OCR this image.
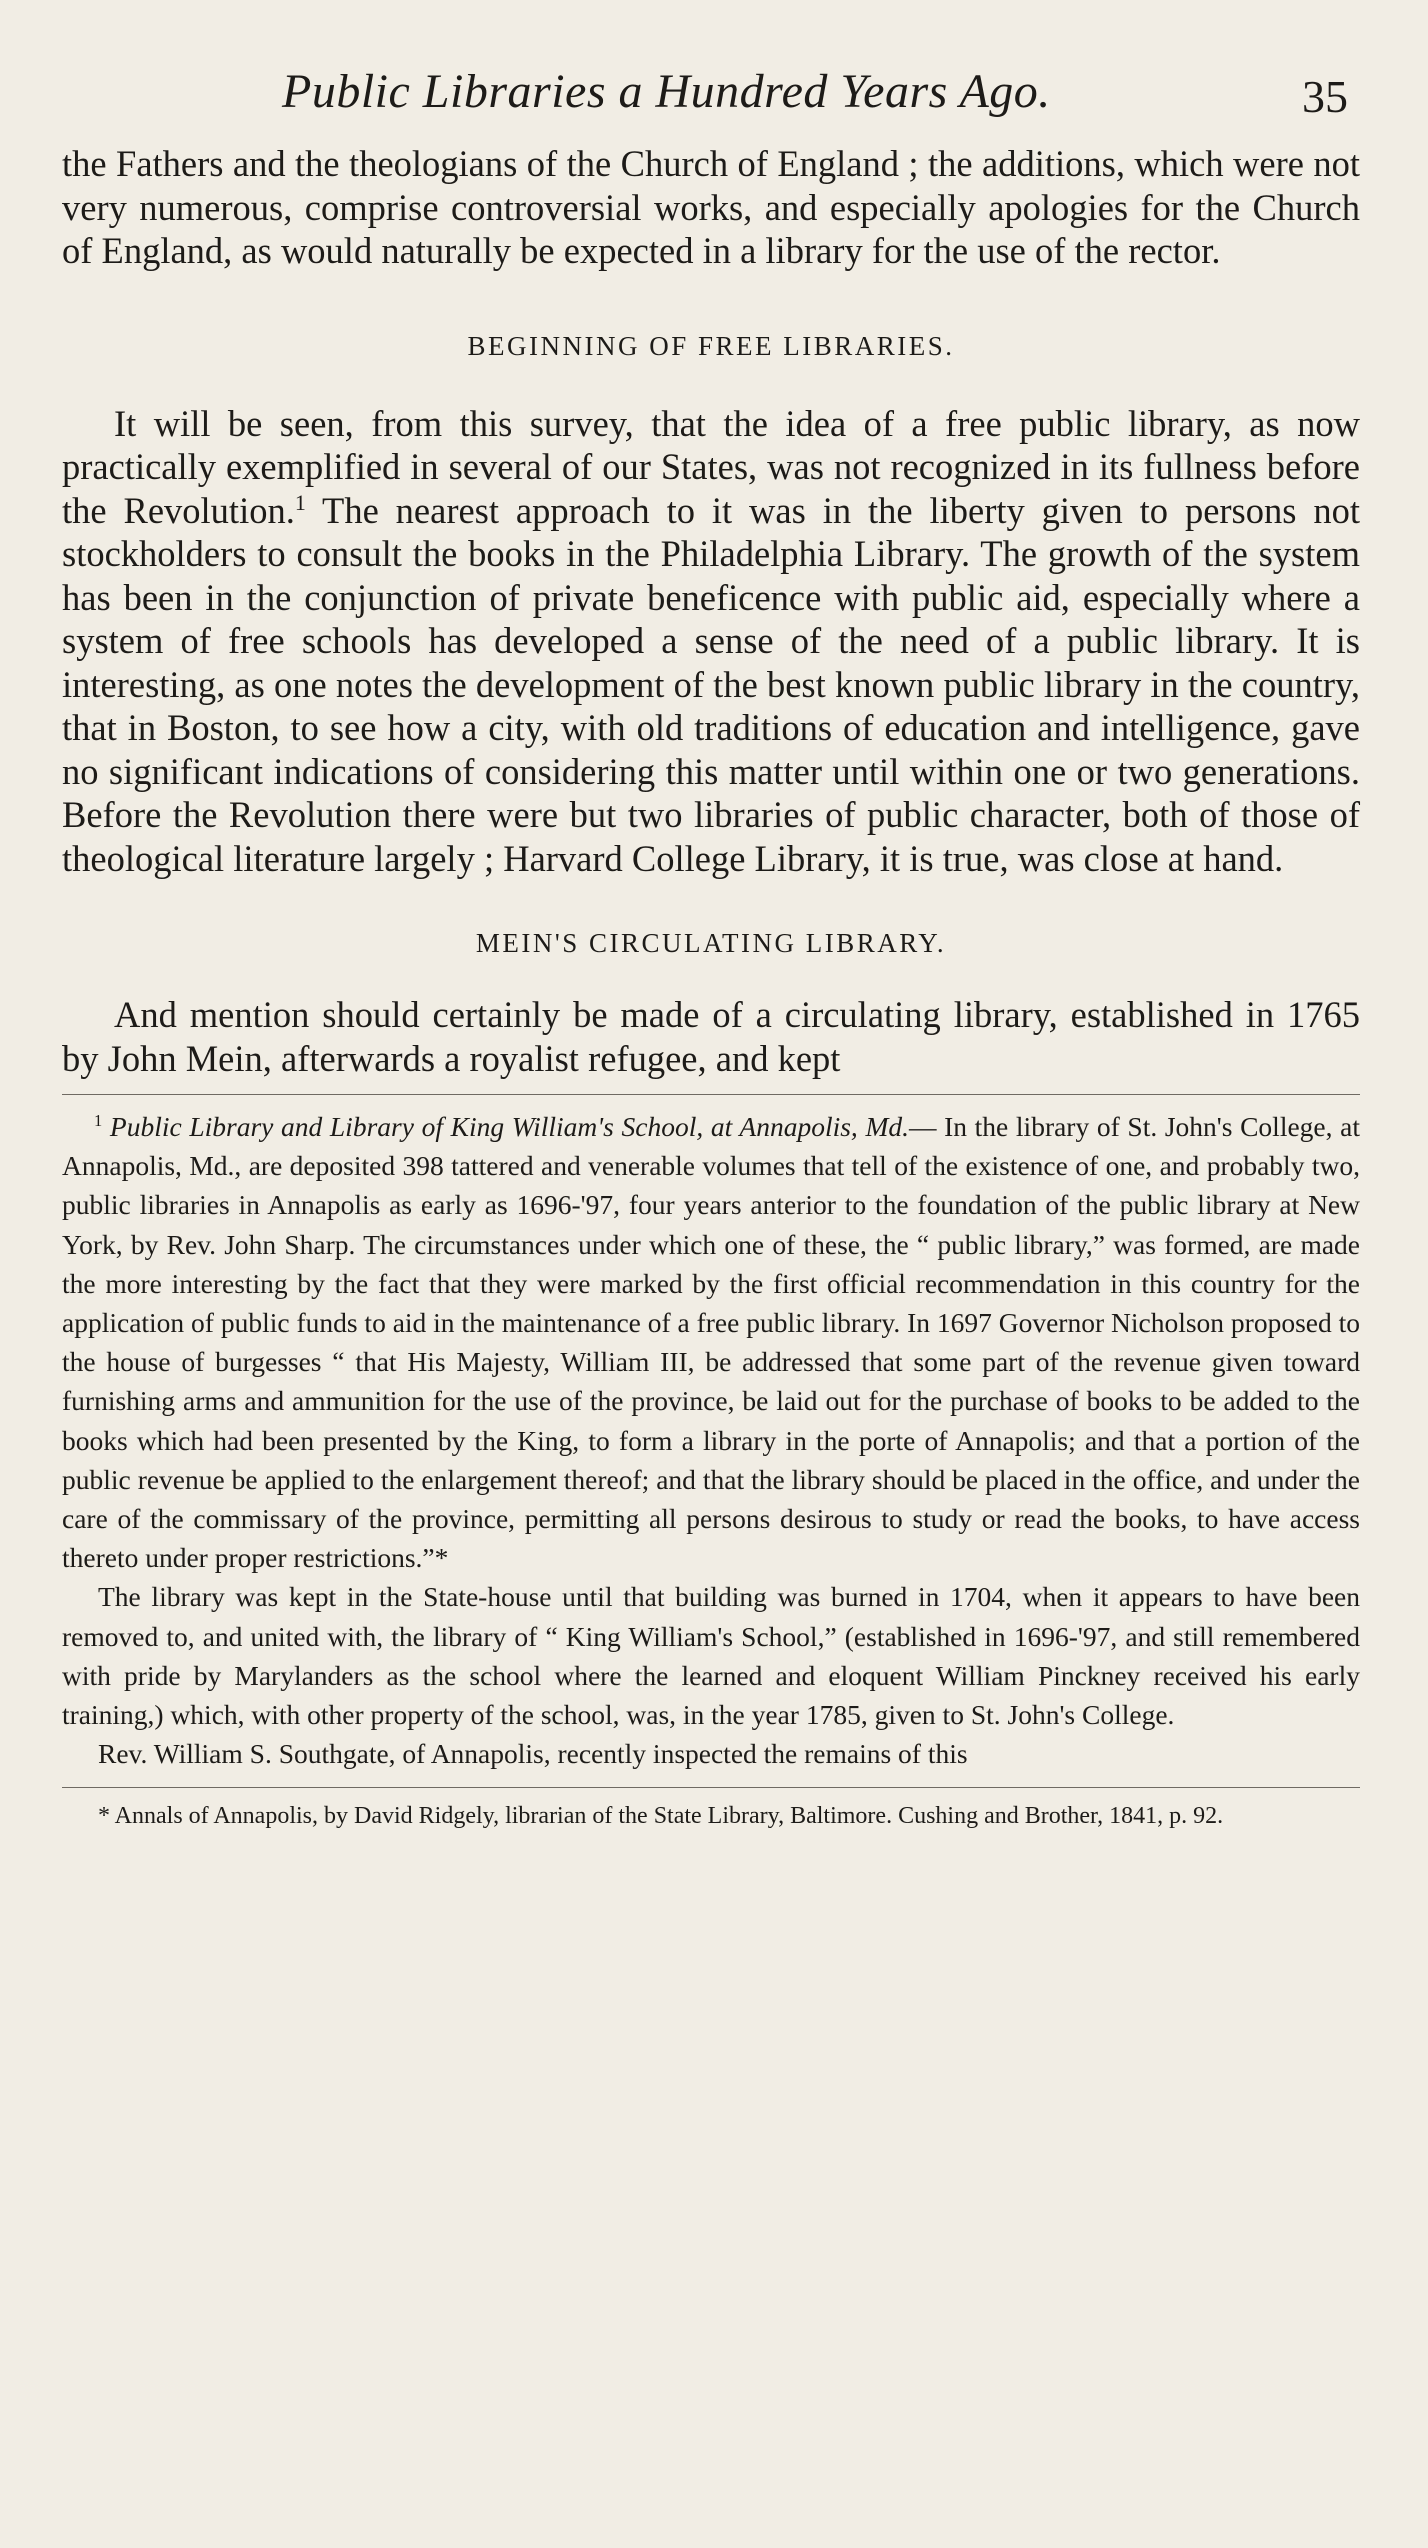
Public Libraries a Hundred Years Ago.	35

the Fathers and the theologians of the Church of England ; the additions, which were not very numerous, comprise controversial works, and especially apologies for the Church of England, as would naturally be expected in a library for the use of the rector.

BEGINNING OF FREE LIBRARIES.

It will be seen, from this survey, that the idea of a free public library, as now practically exemplified in several of our States, was not recognized in its fullness before the Revolution.$^1$ The nearest approach to it was in the liberty given to persons not stockholders to consult the books in the Philadelphia Library. The growth of the system has been in the conjunction of private beneficence with public aid, especially where a system of free schools has developed a sense of the need of a public library. It is interesting, as one notes the development of the best known public library in the country, that in Boston, to see how a city, with old traditions of education and intelligence, gave no significant indications of considering this matter until within one or two generations. Before the Revolution there were but two libraries of public character, both of those of theological literature largely ; Harvard College Library, it is true, was close at hand.

MEIN'S CIRCULATING LIBRARY.

And mention should certainly be made of a circulating library, established in 1765 by John Mein, afterwards a royalist refugee, and kept

$^1$ Public Library and Library of King William's School, at Annapolis, Md.— In the library of St. John's College, at Annapolis, Md., are deposited 398 tattered and venerable volumes that tell of the existence of one, and probably two, public libraries in Annapolis as early as 1696-'97, four years anterior to the foundation of the public library at New York, by Rev. John Sharp. The circumstances under which one of these, the “ public library,” was formed, are made the more interesting by the fact that they were marked by the first official recommendation in this country for the application of public funds to aid in the maintenance of a free public library. In 1697 Governor Nicholson proposed to the house of burgesses “ that His Majesty, William III, be addressed that some part of the revenue given toward furnishing arms and ammunition for the use of the province, be laid out for the purchase of books to be added to the books which had been presented by the King, to form a library in the porte of Annapolis; and that a portion of the public revenue be applied to the enlargement thereof; and that the library should be placed in the office, and under the care of the commissary of the province, permitting all persons desirous to study or read the books, to have access thereto under proper restrictions.”*

The library was kept in the State-house until that building was burned in 1704, when it appears to have been removed to, and united with, the library of “ King William's School,” (established in 1696-'97, and still remembered with pride by Marylanders as the school where the learned and eloquent William Pinckney received his early training,) which, with other property of the school, was, in the year 1785, given to St. John's College.

Rev. William S. Southgate, of Annapolis, recently inspected the remains of this

* Annals of Annapolis, by David Ridgely, librarian of the State Library, Baltimore. Cushing and Brother, 1841, p. 92.
